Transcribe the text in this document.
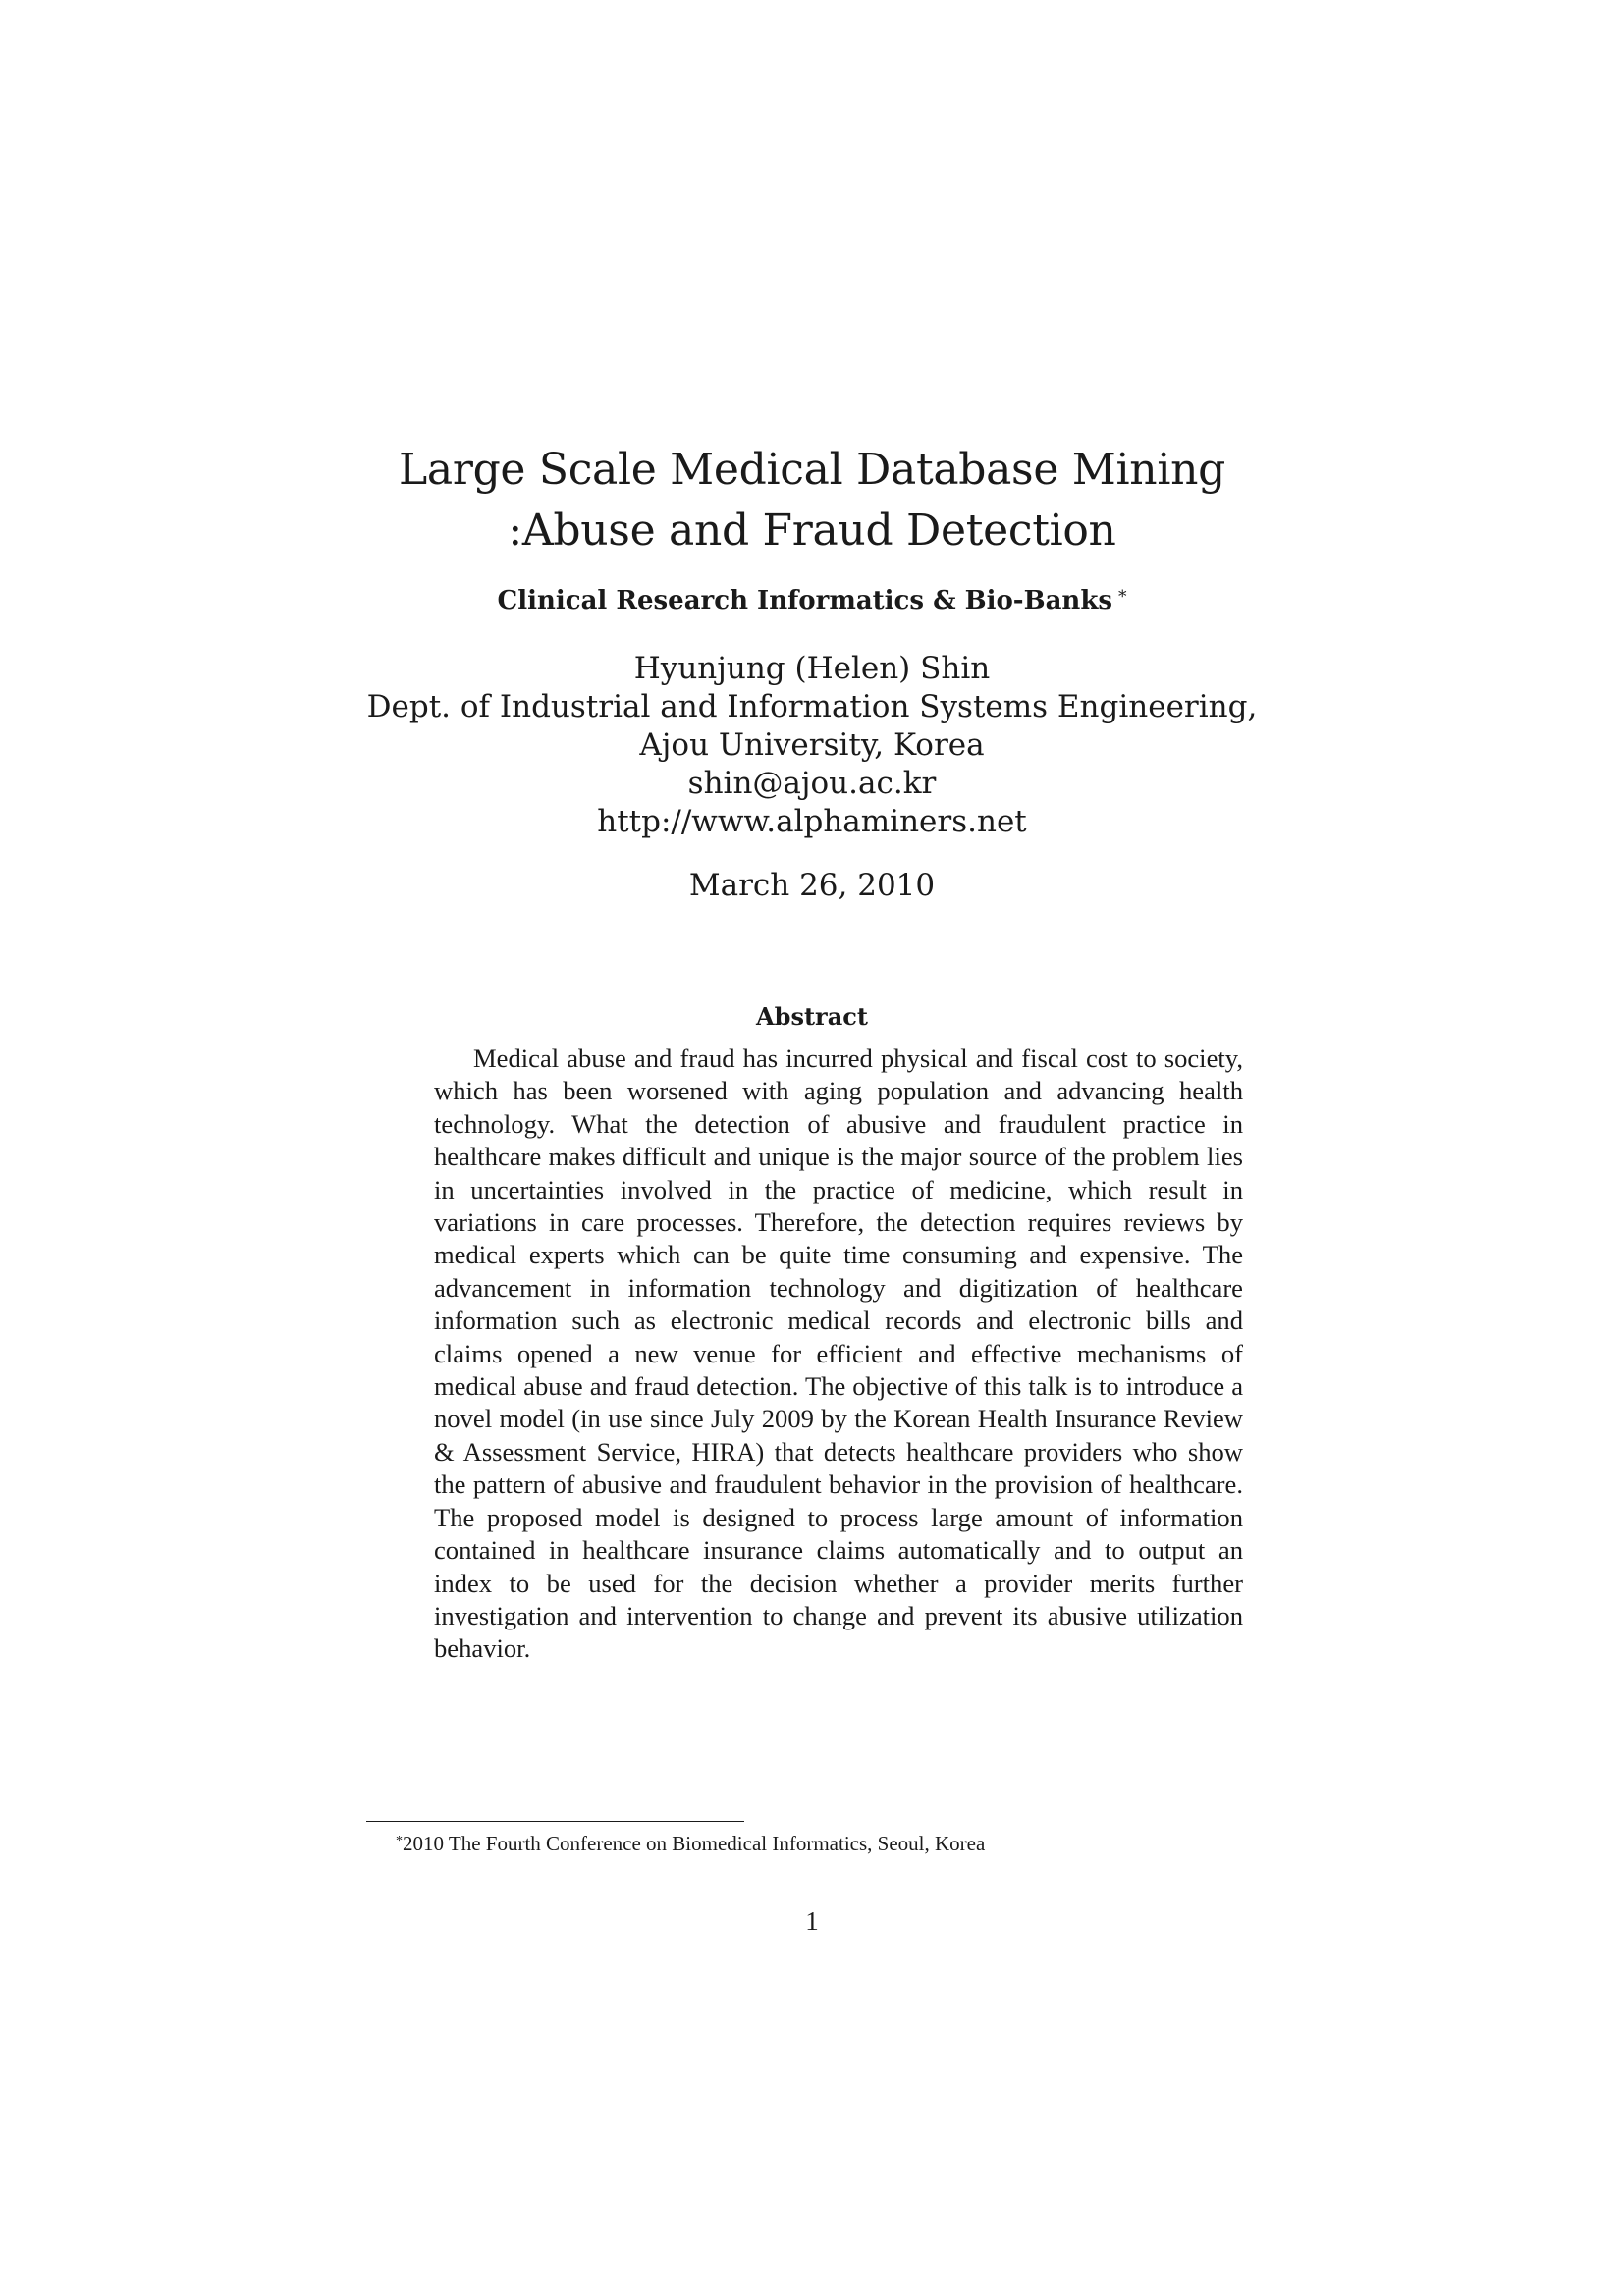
Large Scale Medical Database Mining
:Abuse and Fraud Detection
Clinical Research Informatics & Bio-Banks *
Hyunjung (Helen) Shin
Dept. of Industrial and Information Systems Engineering,
Ajou University, Korea
shin@ajou.ac.kr
http://www.alphaminers.net
March 26, 2010
Abstract

Medical abuse and fraud has incurred physical and fiscal cost to society, which has been worsened with aging population and advancing health technology. What the detection of abusive and fraudulent practice in healthcare makes difficult and unique is the major source of the problem lies in uncertainties involved in the practice of medicine, which result in variations in care processes. Therefore, the detection requires reviews by medical experts which can be quite time consuming and expensive. The advancement in information technology and digitization of healthcare information such as electronic medical records and electronic bills and claims opened a new venue for efficient and effective mechanisms of medical abuse and fraud detection. The objective of this talk is to introduce a novel model (in use since July 2009 by the Korean Health Insurance Review & Assessment Service, HIRA) that detects healthcare providers who show the pattern of abusive and fraudulent behavior in the provision of healthcare. The proposed model is designed to process large amount of information contained in healthcare insurance claims automatically and to output an index to be used for the decision whether a provider merits further investigation and intervention to change and prevent its abusive utilization behavior.

*2010 The Fourth Conference on Biomedical Informatics, Seoul, Korea
1
